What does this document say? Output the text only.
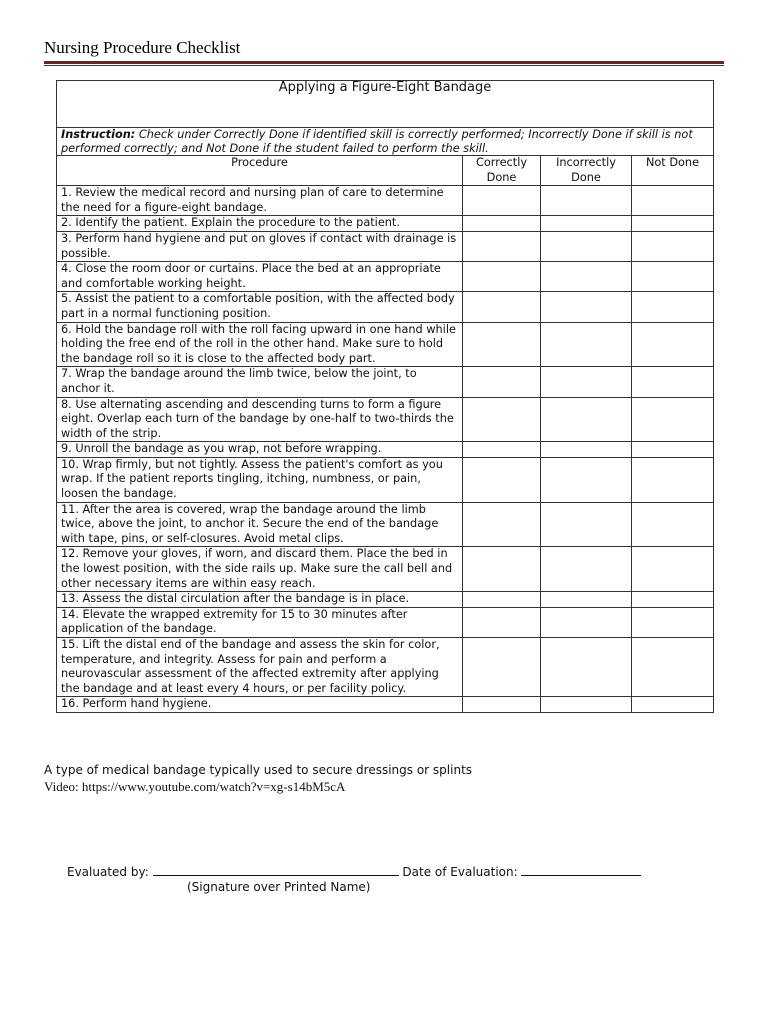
Nursing Procedure Checklist
Applying a Figure-Eight Bandage			
Instruction: Check under Correctly Done if identified skill is correctly performed; Incorrectly Done if skill is not performed correctly; and Not Done if the student failed to perform the skill.			
Procedure	Correctly Done	Incorrectly Done	Not Done
1. Review the medical record and nursing plan of care to determine the need for a figure-eight bandage.			
2. Identify the patient. Explain the procedure to the patient.			
3. Perform hand hygiene and put on gloves if contact with drainage is possible.			
4. Close the room door or curtains. Place the bed at an appropriate and comfortable working height.			
5. Assist the patient to a comfortable position, with the affected body part in a normal functioning position.			
6. Hold the bandage roll with the roll facing upward in one hand while holding the free end of the roll in the other hand. Make sure to hold the bandage roll so it is close to the affected body part.			
7. Wrap the bandage around the limb twice, below the joint, to anchor it.			
8. Use alternating ascending and descending turns to form a figure eight. Overlap each turn of the bandage by one-half to two-thirds the width of the strip.			
9. Unroll the bandage as you wrap, not before wrapping.			
10. Wrap firmly, but not tightly. Assess the patient's comfort as you wrap. If the patient reports tingling, itching, numbness, or pain, loosen the bandage.			
11. After the area is covered, wrap the bandage around the limb twice, above the joint, to anchor it. Secure the end of the bandage with tape, pins, or self-closures. Avoid metal clips.			
12. Remove your gloves, if worn, and discard them. Place the bed in the lowest position, with the side rails up. Make sure the call bell and other necessary items are within easy reach.			
13. Assess the distal circulation after the bandage is in place.			
14. Elevate the wrapped extremity for 15 to 30 minutes after application of the bandage.			
15. Lift the distal end of the bandage and assess the skin for color, temperature, and integrity. Assess for pain and perform a neurovascular assessment of the affected extremity after applying the bandage and at least every 4 hours, or per facility policy.			
16. Perform hand hygiene.			
A type of medical bandage typically used to secure dressings or splints
Video: https://www.youtube.com/watch?v=xg-s14bM5cA
Evaluated by:	Date of Evaluation:
(Signature over Printed Name)
